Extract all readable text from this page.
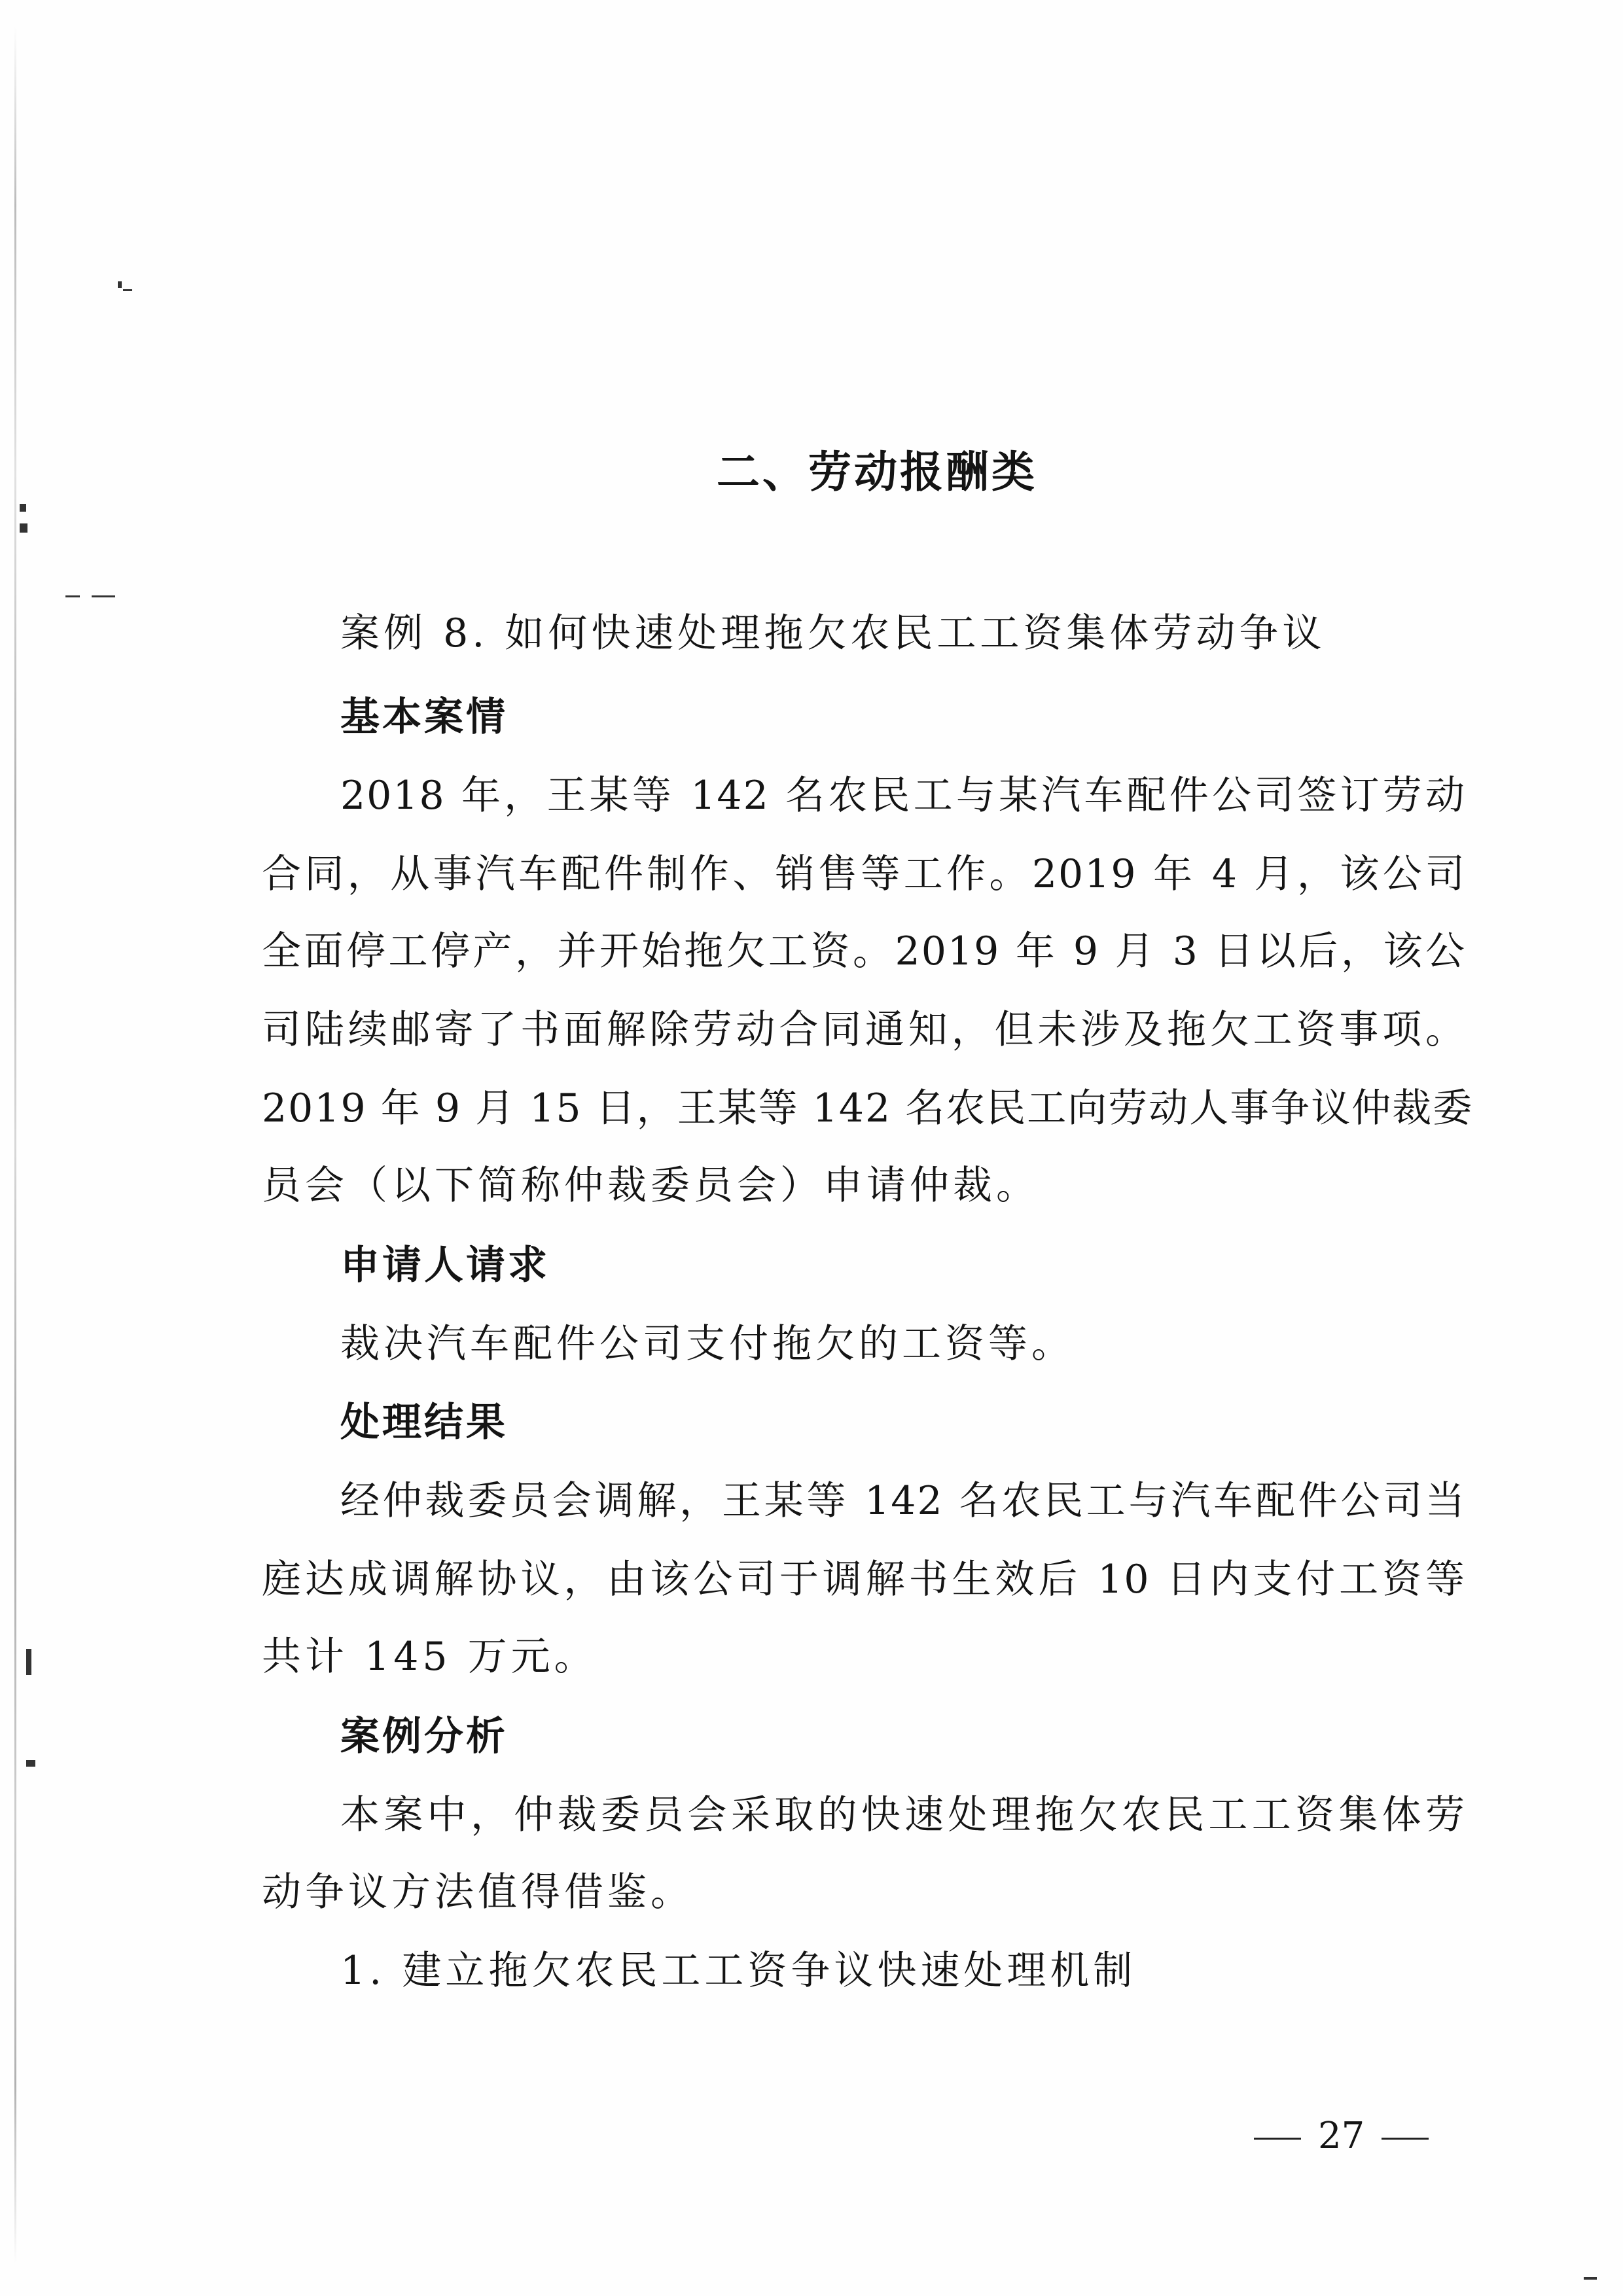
二、劳动报酬类
案例 8. 如何快速处理拖欠农民工工资集体劳动争议
基本案情
2018 年，王某等 142 名农民工与某汽车配件公司签订劳动
合同，从事汽车配件制作、销售等工作。2019 年 4 月，该公司
全面停工停产，并开始拖欠工资。2019 年 9 月 3 日以后，该公
司陆续邮寄了书面解除劳动合同通知，但未涉及拖欠工资事项。
2019 年 9 月 15 日，王某等 142 名农民工向劳动人事争议仲裁委
员会（以下简称仲裁委员会）申请仲裁。
申请人请求
裁决汽车配件公司支付拖欠的工资等。
处理结果
经仲裁委员会调解，王某等 142 名农民工与汽车配件公司当
庭达成调解协议，由该公司于调解书生效后 10 日内支付工资等
共计 145 万元。
案例分析
本案中，仲裁委员会采取的快速处理拖欠农民工工资集体劳
动争议方法值得借鉴。
1. 建立拖欠农民工工资争议快速处理机制
27
